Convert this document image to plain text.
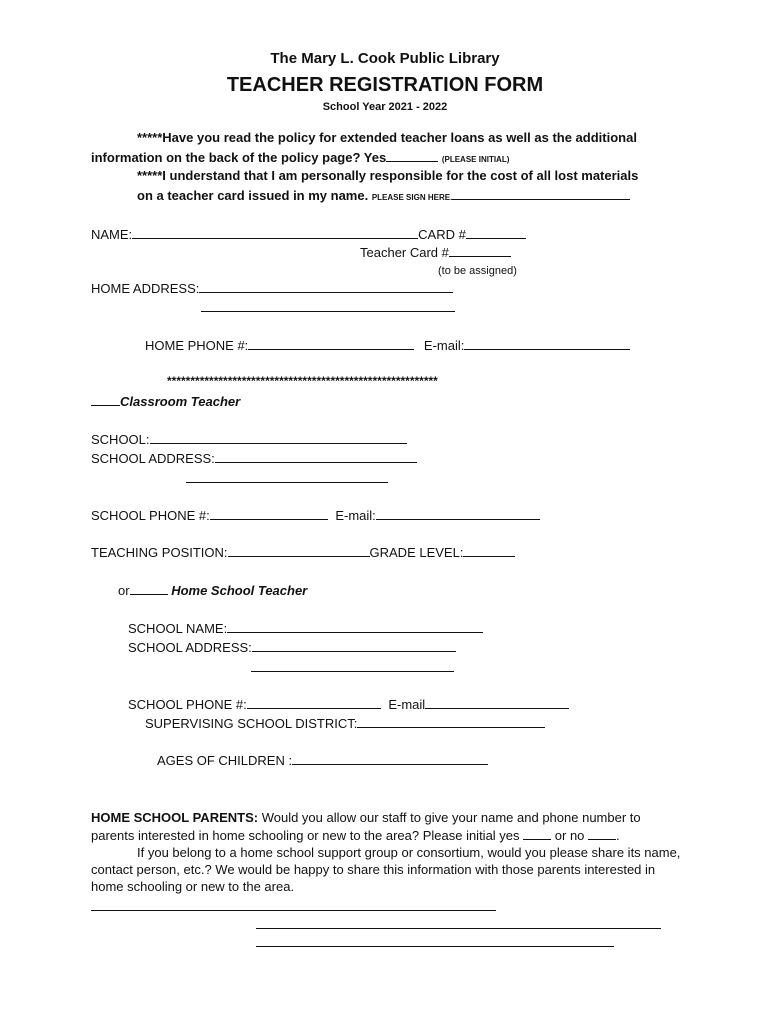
The Mary L. Cook Public Library
TEACHER REGISTRATION FORM
School Year 2021 - 2022
*****Have you read the policy for extended teacher loans as well as the additional
information on the back of the policy page? Yes	(PLEASE INITIAL)
*****I understand that I am personally responsible for the cost of all lost materials
on a teacher card issued in my name. PLEASE SIGN HERE.
NAME:	CARD #
Teacher Card #
(to be assigned)
HOME ADDRESS:
HOME PHONE #:	E-mail:
**********************************************************
Classroom Teacher
SCHOOL:
SCHOOL ADDRESS:
SCHOOL PHONE #:	E-mail:
TEACHING POSITION:	GRADE LEVEL:
or	Home School Teacher
SCHOOL NAME:
SCHOOL ADDRESS:
SCHOOL PHONE #:	E-mail
SUPERVISING SCHOOL DISTRICT:
AGES OF CHILDREN :
HOME SCHOOL PARENTS: Would you allow our staff to give your name and phone number to
parents interested in home schooling or new to the area? Please initial yes	or no .
If you belong to a home school support group or consortium, would you please share its name,
contact person, etc.? We would be happy to share this information with those parents interested in
home schooling or new to the area.
